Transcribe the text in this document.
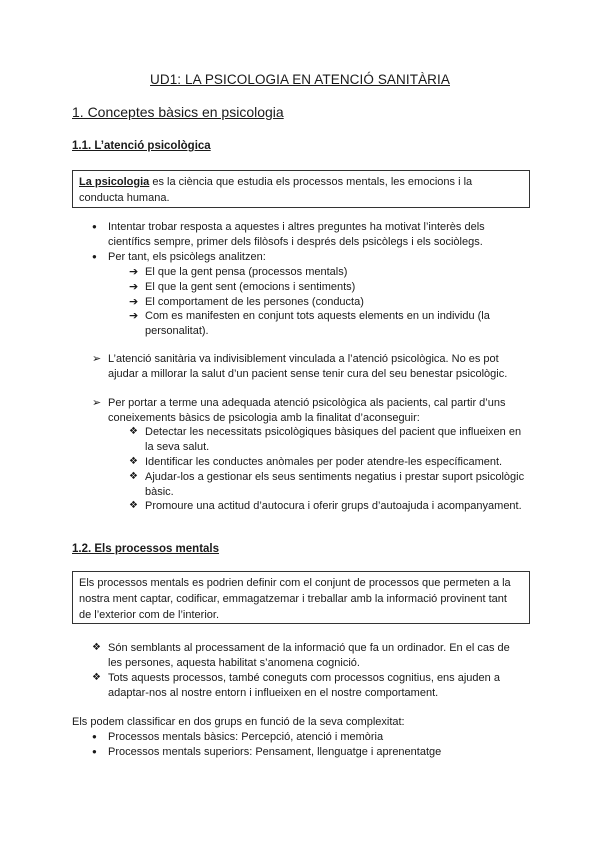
UD1: LA PSICOLOGIA EN ATENCIÓ SANITÀRIA
1. Conceptes bàsics en psicologia
1.1. L’atenció psicològica
La psicologia es la ciència que estudia els processos mentals, les emocions i la
conducta humana.
● Intentar trobar resposta a aquestes i altres preguntes ha motivat l’interès dels
científics sempre, primer dels filòsofs i després dels psicòlegs i els sociòlegs.
● Per tant, els psicòlegs analitzen:
➔ El que la gent pensa (processos mentals)
➔ El que la gent sent (emocions i sentiments)
➔ El comportament de les persones (conducta)
➔ Com es manifesten en conjunt tots aquests elements en un individu (la
personalitat).
➢ L’atenció sanitària va indivisiblement vinculada a l’atenció psicològica. No es pot
ajudar a millorar la salut d’un pacient sense tenir cura del seu benestar psicològic.
➢ Per portar a terme una adequada atenció psicològica als pacients, cal partir d’uns
coneixements bàsics de psicologia amb la finalitat d’aconseguir:
❖ Detectar les necessitats psicològiques bàsiques del pacient que influeixen en
la seva salut.
❖ Identificar les conductes anòmales per poder atendre-les específicament.
❖ Ajudar-los a gestionar els seus sentiments negatius i prestar suport psicològic
bàsic.
❖ Promoure una actitud d’autocura i oferir grups d’autoajuda i acompanyament.
1.2. Els processos mentals
Els processos mentals es podrien definir com el conjunt de processos que permeten a la
nostra ment captar, codificar, emmagatzemar i treballar amb la informació provinent tant
de l’exterior com de l’interior.
❖ Són semblants al processament de la informació que fa un ordinador. En el cas de
les persones, aquesta habilitat s’anomena cognició.
❖ Tots aquests processos, també coneguts com processos cognitius, ens ajuden a
adaptar-nos al nostre entorn i influeixen en el nostre comportament.
Els podem classificar en dos grups en funció de la seva complexitat:
● Processos mentals bàsics: Percepció, atenció i memòria
● Processos mentals superiors: Pensament, llenguatge i aprenentatge
